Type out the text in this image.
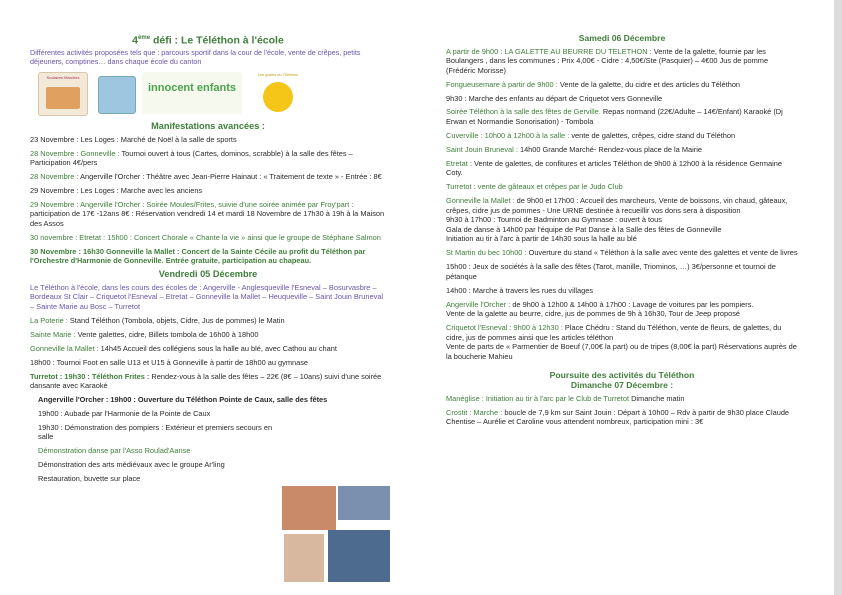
4ème défi : Le Téléthon à l'école
Différentes activités proposées tels que : parcours sportif dans la cour de l'école, vente de crêpes, petits déjeuners, comptines… dans chaque école du canton
Scolaires Marches
innocent enfants
Les grains du Téléthon
Manifestations avancées :

23 Novembre : Les Loges : Marché de Noël à la salle de sports

28 Novembre : Gonneville : Tournoi ouvert à tous (Cartes, dominos, scrabble) à la salle des fêtes – Participation 4€/pers

28 Novembre : Angerville l'Orcher : Théâtre avec Jean-Pierre Hainaut : « Traitement de texte » - Entrée : 8€

29 Novembre : Les Loges : Marche avec les anciens

29 Novembre : Angerville l'Orcher : Soirée Moules/Frites, suivie d'une soirée animée par Froy'part : participation de 17€ -12ans 8€ : Réservation vendredi 14 et mardi 18 Novembre de 17h30 à 19h à la Maison des Assos

30 novembre : Etretat : 15h00 : Concert Chorale « Chante la vie » ainsi que le groupe de Stéphane Salmon

30 Novembre : 16h30 Gonneville la Mallet : Concert de la Sainte Cécile au profit du Téléthon par l'Orchestre d'Harmonie de Gonneville. Entrée gratuite, participation au chapeau.

Vendredi 05 Décembre

Le Téléthon à l'école, dans les cours des écoles de : Angerville - Anglesqueville l'Esneval – Bosurvasbre – Bordeaux St Clair – Criquetot l'Esneval – Etretat – Gonneville la Mallet – Heuqueville – Saint Jouin Bruneval – Sainte Marie au Bosc – Turretot

La Poterie : Stand Téléthon (Tombola, objets, Cidre, Jus de pommes) le Matin

Sainte Marie : Vente galettes, cidre, Billets tombola de 16h00 à 18h00

Gonneville la Mallet : 14h45 Accueil des collégiens sous la halle au blé, avec Cathou au chant

18h00 : Tournoi Foot en salle U13 et U15 à Gonneville à partir de 18h00 au gymnase

Turretot : 19h30 : Téléthon Frites : Rendez-vous à la salle des fêtes – 22€ (8€ – 10ans) suivi d'une soirée dansante avec Karaoké

Angerville l'Orcher : 19h00 : Ouverture du Téléthon Pointe de Caux, salle des fêtes

19h00 : Aubade par l'Harmonie de la Pointe de Caux

19h30 : Démonstration des pompiers : Extérieur et premiers secours en salle

Démonstration danse par l'Asso Roulad'Aanse

Démonstration des arts médiévaux avec le groupe Ar'ling

Restauration, buvette sur place

Samedi 06 Décembre

A partir de 9h00 : LA GALETTE AU BEURRE DU TELETHON : Vente de la galette, fournie par les Boulangers , dans les communes : Prix 4,00€ - Cidre : 4,50€/Ste (Pasquier) – 4€00 Jus de pomme (Frédéric Morisse)

Fongueusemare à partir de 9h00 : Vente de la galette, du cidre et des articles du Téléthon

9h30 : Marche des enfants au départ de Criquetot vers Gonneville

Soirée Téléthon à la salle des fêtes de Gerville. Repas normand (22€/Adulte – 14€/Enfant) Karaoké (Dj Erwan et Normandie Sonorisation) - Tombola

Cuverville : 10h00 à 12h00 à la salle : vente de galettes, crêpes, cidre stand du Téléthon

Saint Jouin Bruneval : 14h00 Grande Marché- Rendez-vous place de la Mairie

Etretat : Vente de galettes, de confitures et articles Téléthon de 9h00 à 12h00 à la résidence Germaine Coty.

Turretot : vente de gâteaux et crêpes par le Judo Club

Gonneville la Mallet : de 9h00 et 17h00 : Accueil des marcheurs, Vente de boissons, vin chaud, gâteaux, crêpes, cidre jus de pommes - Une URNE destinée à recueillir vos dons sera à disposition

9h30 à 17h00 : Tournoi de Badminton au Gymnase : ouvert à tous

Gala de danse à 14h00 par l'équipe de Pat Danse à la Salle des fêtes de Gonneville

Initiation au tir à l'arc à partir de 14h30 sous la halle au blé

St Martin du bec 10h00 : Ouverture du stand « Téléthon à la salle avec vente des galettes et vente de livres

15h00 : Jeux de sociétés à la salle des fêtes (Tarot, manille, Triominos, …) 3€/personne et tournoi de pétanque

14h00 : Marche à travers les rues du villages

Angerville l'Orcher : de 9h00 à 12h00 & 14h00 à 17h00 : Lavage de voitures par les pompiers.

Vente de la galette au beurre, cidre, jus de pommes de 9h à 16h30, Tour de Jeep proposé

Criquetot l'Esneval : 9h00 à 12h30 : Place Chédru : Stand du Téléthon, vente de fleurs, de galettes, du cidre, jus de pommes ainsi que les articles téléthon

Vente de parts de « Parmentier de Boeuf (7,00€ la part) ou de tripes (8,00€ la part) Réservations auprès de la boucherie Mahieu

Poursuite des activités du Téléthon
Dimanche 07 Décembre :

Manéglise : Initiation au tir à l'arc par le Club de Turretot Dimanche matin

Crostit : Marche : boucle de 7,9 km sur Saint Jouin : Départ à 10h00 – Rdv à partir de 9h30 place Claude Chentise – Aurélie et Caroline vous attendent nombreux, participation mini : 3€
